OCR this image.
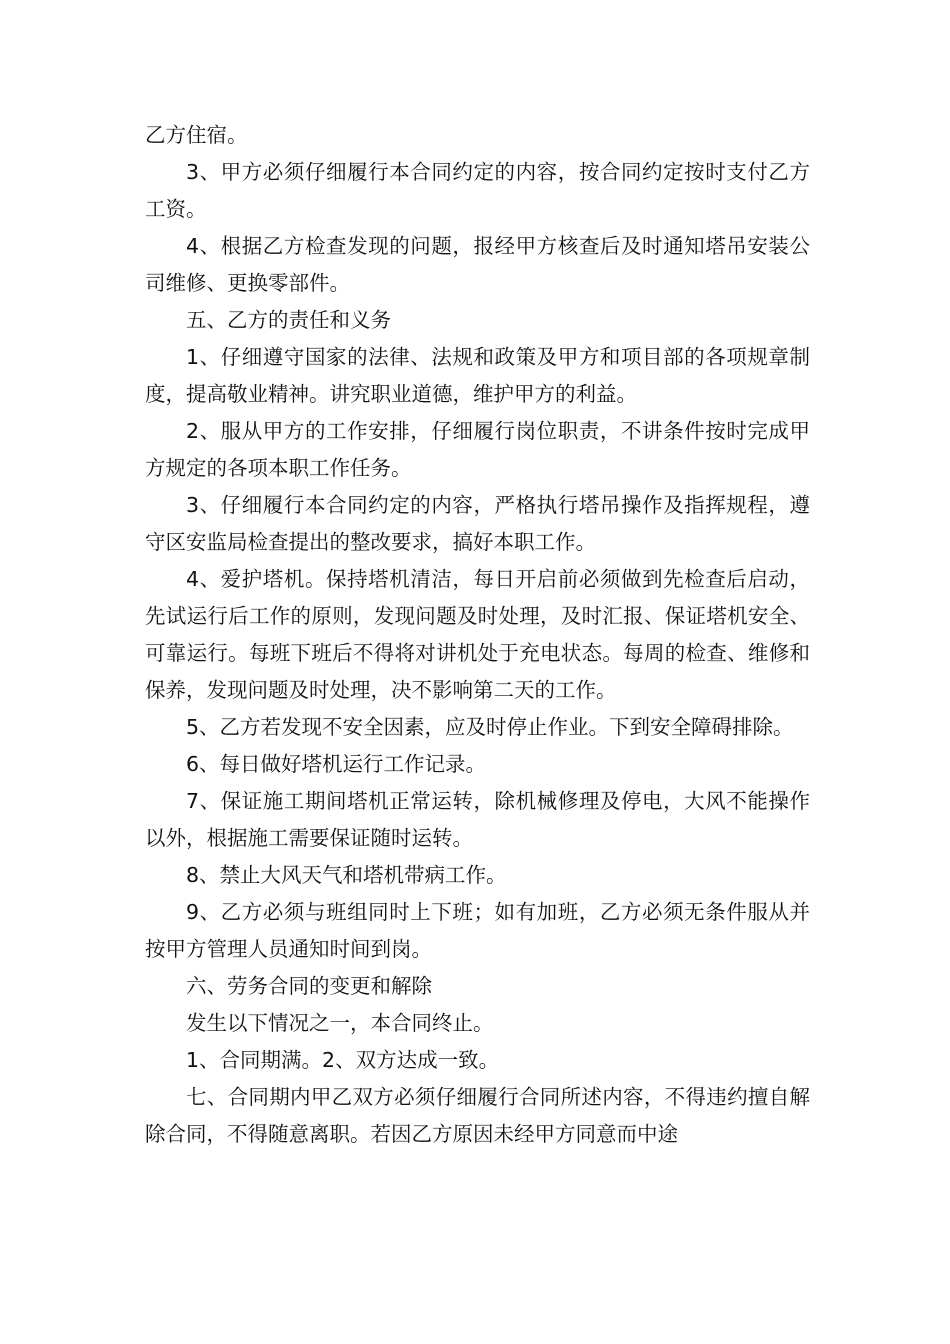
乙方住宿。

3、甲方必须仔细履行本合同约定的内容，按合同约定按时支付乙方工资。

4、根据乙方检查发现的问题，报经甲方核查后及时通知塔吊安装公司维修、更换零部件。

五、乙方的责任和义务

1、仔细遵守国家的法律、法规和政策及甲方和项目部的各项规章制度，提高敬业精神。讲究职业道德，维护甲方的利益。

2、服从甲方的工作安排，仔细履行岗位职责，不讲条件按时完成甲方规定的各项本职工作任务。

3、仔细履行本合同约定的内容，严格执行塔吊操作及指挥规程，遵守区安监局检查提出的整改要求，搞好本职工作。

4、爱护塔机。保持塔机清洁，每日开启前必须做到先检查后启动，先试运行后工作的原则，发现问题及时处理，及时汇报、保证塔机安全、可靠运行。每班下班后不得将对讲机处于充电状态。每周的检查、维修和保养，发现问题及时处理，决不影响第二天的工作。

5、乙方若发现不安全因素，应及时停止作业。下到安全障碍排除。

6、每日做好塔机运行工作记录。

7、保证施工期间塔机正常运转，除机械修理及停电，大风不能操作以外，根据施工需要保证随时运转。

8、禁止大风天气和塔机带病工作。

9、乙方必须与班组同时上下班；如有加班，乙方必须无条件服从并按甲方管理人员通知时间到岗。

六、劳务合同的变更和解除

发生以下情况之一，本合同终止。

1、合同期满。2、双方达成一致。

七、合同期内甲乙双方必须仔细履行合同所述内容，不得违约擅自解除合同，不得随意离职。若因乙方原因未经甲方同意而中途
